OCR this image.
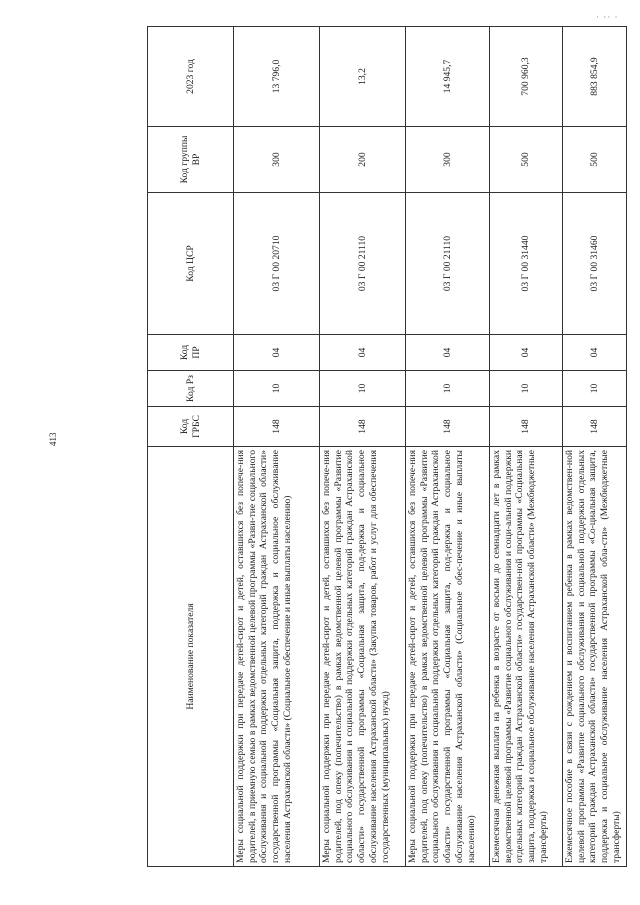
413
· ·· ·
Наименование показателя	Код ГРБС	Код Рз	Код ПР	Код ЦСР	Код группы ВР	2023 год
Меры социальной поддержки при передаче детей-сирот и детей, оставшихся без попече-ния родителей, в приемную семью в рамках ведомственной целевой программы «Разви-тие социального обслуживания и социальной поддержки отдельных категорий граждан Астраханской области» государственной программы «Социальная защита, поддержка и социальное обслуживание населения Астраханской области» (Социальное обеспечение и иные выплаты населению)	148	10	04	03 Г 00 20710	300	13 796,0
Меры социальной поддержки при передаче детей-сирот и детей, оставшихся без попече-ния родителей, под опеку (попечительство) в рамках ведомственной целевой программы «Развитие социального обслуживания и социальной поддержки отдельных категорий граждан Астраханской области» государственной программы «Социальная защита, под-держка и социальное обслуживание населения Астраханской области» (Закупка товаров, работ и услуг для обеспечения государственных (муниципальных) нужд)	148	10	04	03 Г 00 21110	200	13,2
Меры социальной поддержки при передаче детей-сирот и детей, оставшихся без попече-ния родителей, под опеку (попечительство) в рамках ведомственной целевой программы «Развитие социального обслуживания и социальной поддержки отдельных категорий граждан Астраханской области» государственной программы «Социальная защита, под-держка и социальное обслуживание населения Астраханской области» (Социальное обес-печение и иные выплаты населению)	148	10	04	03 Г 00 21110	300	14 945,7
Ежемесячная денежная выплата на ребенка в возрасте от восьми до семнадцати лет в рамках ведомственной целевой программы «Развитие социального обслуживания и соци-альной поддержки отдельных категорий граждан Астраханской области» государствен-ной программы «Социальная защита, поддержка и социальное обслуживание населения Астраханской области» (Межбюджетные трансферты)	148	10	04	03 Г 00 31440	500	700 960,3
Ежемесячное пособие в связи с рождением и воспитанием ребенка в рамках ведомствен-ной целевой программы «Развитие социального обслуживания и социальной поддержки отдельных категорий граждан Астраханской области» государственной программы «Со-циальная защита, поддержка и социальное обслуживание населения Астраханской обла-сти» (Межбюджетные трансферты)	148	10	04	03 Г 00 31460	500	883 854,9
